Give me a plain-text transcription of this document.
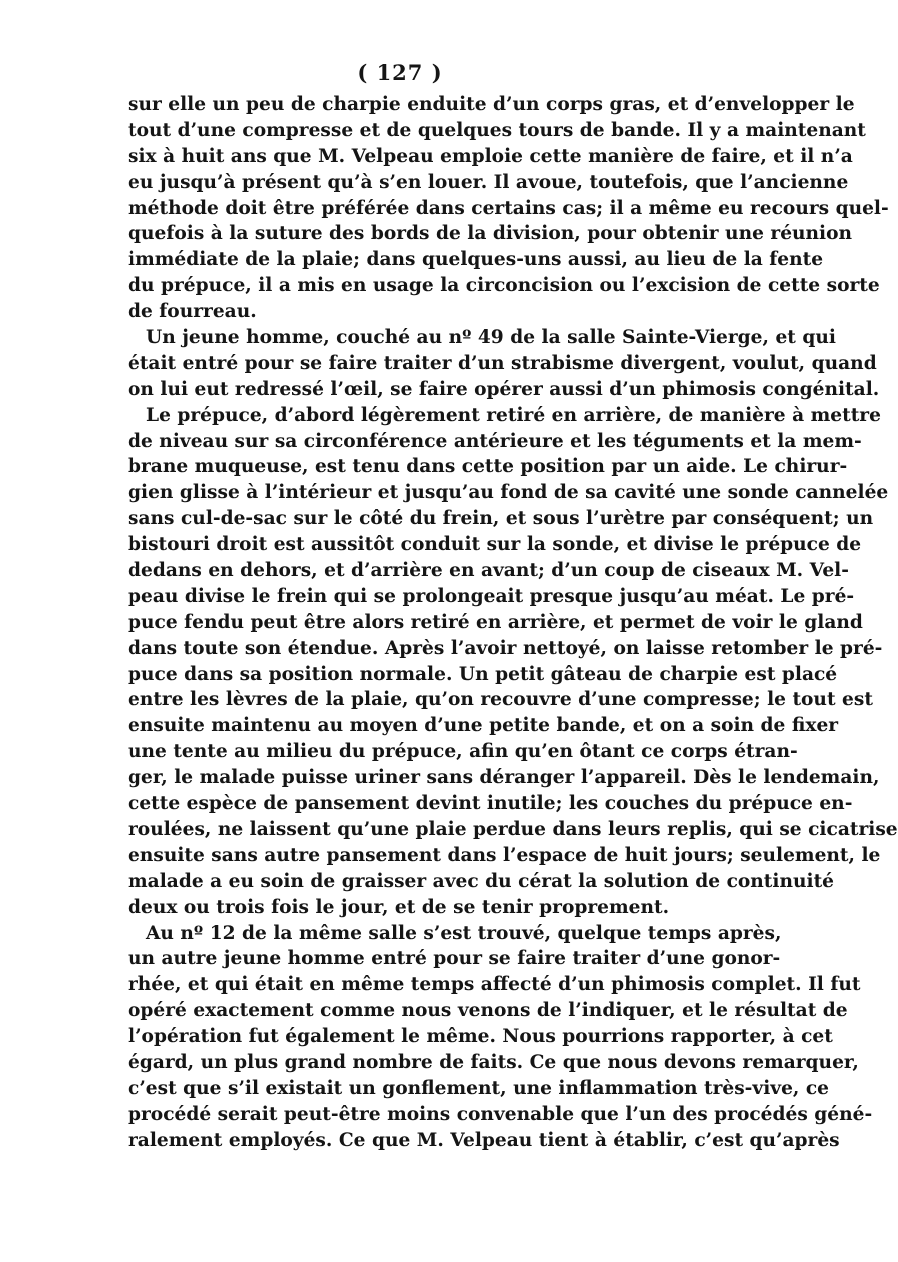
( 127 )
sur elle un peu de charpie enduite d’un corps gras, et d’envelopper le
tout d’une compresse et de quelques tours de bande. Il y a maintenant
six à huit ans que M. Velpeau emploie cette manière de faire, et il n’a
eu jusqu’à présent qu’à s’en louer. Il avoue, toutefois, que l’ancienne
méthode doit être préférée dans certains cas; il a même eu recours quel-
quefois à la suture des bords de la division, pour obtenir une réunion
immédiate de la plaie; dans quelques-uns aussi, au lieu de la fente
du prépuce, il a mis en usage la circoncision ou l’excision de cette sorte
de fourreau.
Un jeune homme, couché au nº 49 de la salle Sainte-Vierge, et qui
était entré pour se faire traiter d’un strabisme divergent, voulut, quand
on lui eut redressé l’œil, se faire opérer aussi d’un phimosis congénital.
Le prépuce, d’abord légèrement retiré en arrière, de manière à mettre
de niveau sur sa circonférence antérieure et les téguments et la mem-
brane muqueuse, est tenu dans cette position par un aide. Le chirur-
gien glisse à l’intérieur et jusqu’au fond de sa cavité une sonde cannelée
sans cul-de-sac sur le côté du frein, et sous l’urètre par conséquent; un
bistouri droit est aussitôt conduit sur la sonde, et divise le prépuce de
dedans en dehors, et d’arrière en avant; d’un coup de ciseaux M. Vel-
peau divise le frein qui se prolongeait presque jusqu’au méat. Le pré-
puce fendu peut être alors retiré en arrière, et permet de voir le gland
dans toute son étendue. Après l’avoir nettoyé, on laisse retomber le pré-
puce dans sa position normale. Un petit gâteau de charpie est placé
entre les lèvres de la plaie, qu’on recouvre d’une compresse; le tout est
ensuite maintenu au moyen d’une petite bande, et on a soin de fixer
une tente au milieu du prépuce, afin qu’en ôtant ce corps étran-
ger, le malade puisse uriner sans déranger l’appareil. Dès le lendemain,
cette espèce de pansement devint inutile; les couches du prépuce en-
roulées, ne laissent qu’une plaie perdue dans leurs replis, qui se cicatrise
ensuite sans autre pansement dans l’espace de huit jours; seulement, le
malade a eu soin de graisser avec du cérat la solution de continuité
deux ou trois fois le jour, et de se tenir proprement.
Au nº 12 de la même salle s’est trouvé, quelque temps après,
un autre jeune homme entré pour se faire traiter d’une gonor-
rhée, et qui était en même temps affecté d’un phimosis complet. Il fut
opéré exactement comme nous venons de l’indiquer, et le résultat de
l’opération fut également le même. Nous pourrions rapporter, à cet
égard, un plus grand nombre de faits. Ce que nous devons remarquer,
c’est que s’il existait un gonflement, une inflammation très-vive, ce
procédé serait peut-être moins convenable que l’un des procédés géné-
ralement employés. Ce que M. Velpeau tient à établir, c’est qu’après
